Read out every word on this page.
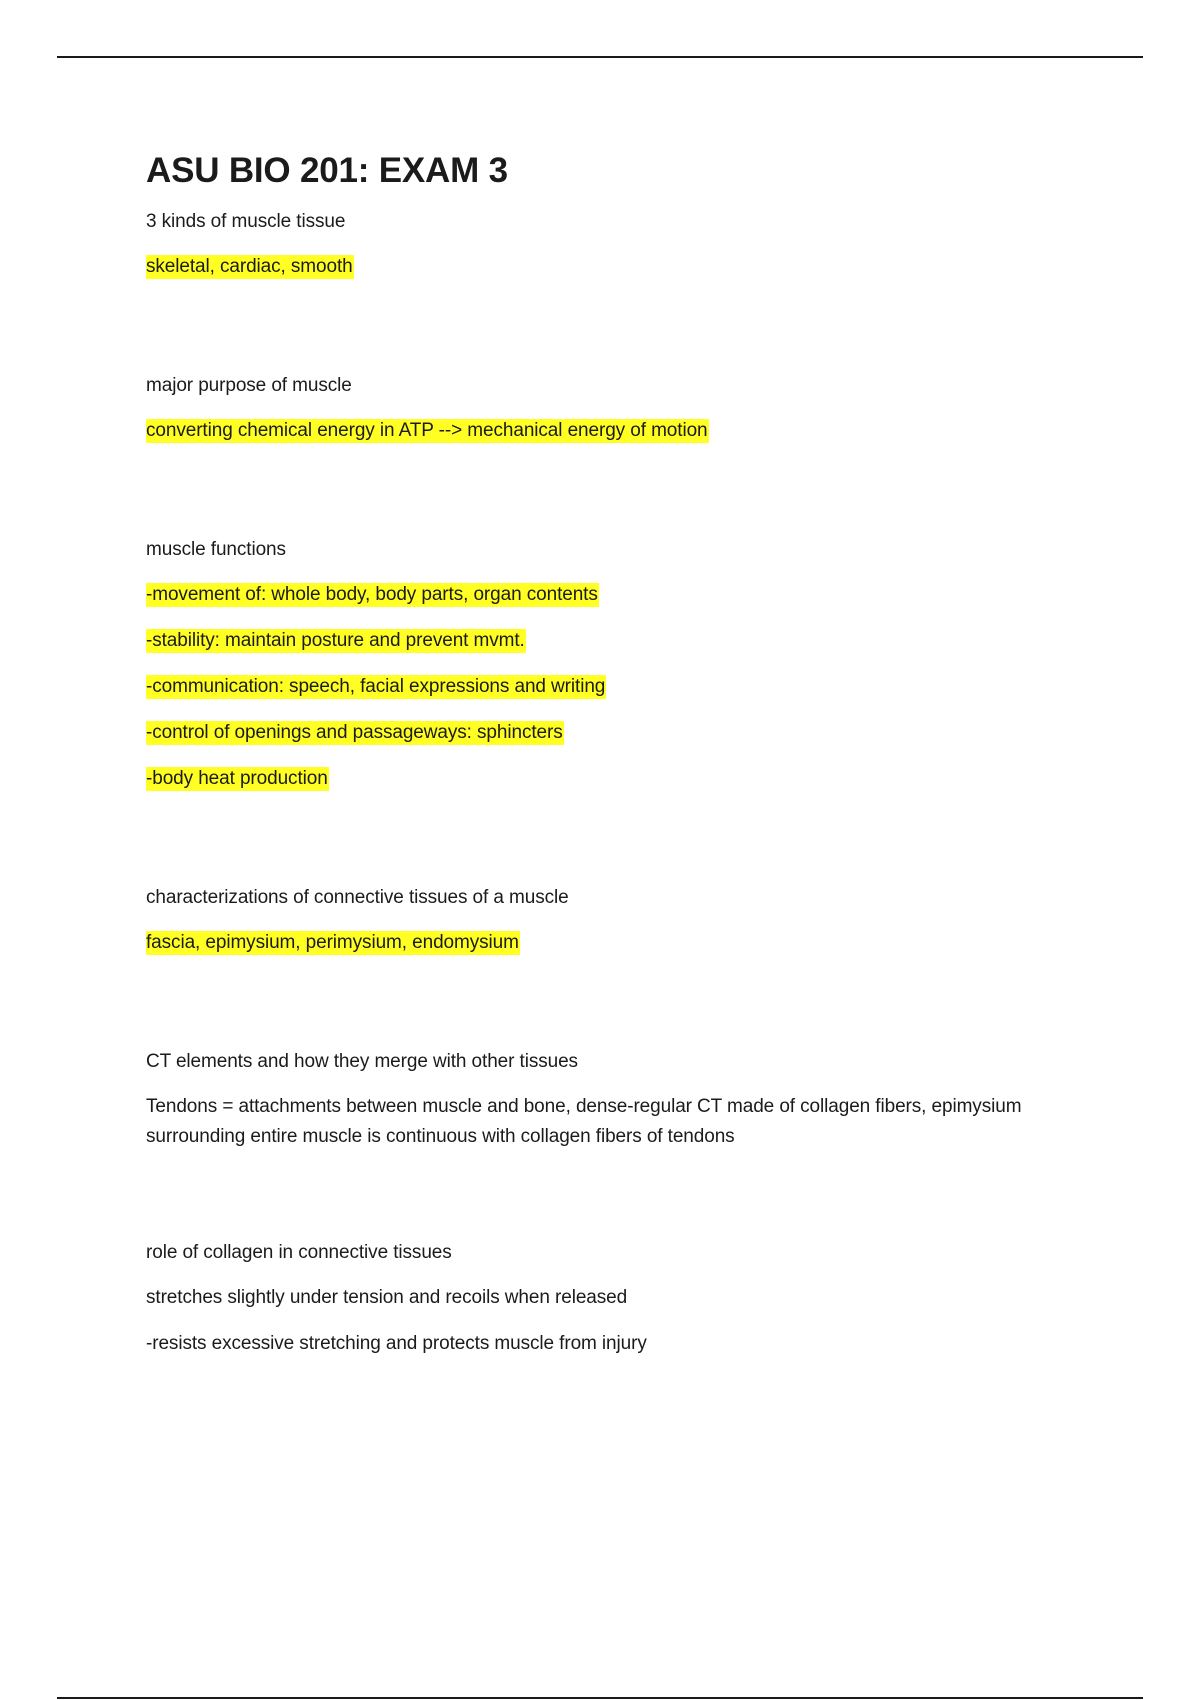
ASU BIO 201: EXAM 3
3 kinds of muscle tissue
skeletal, cardiac, smooth
major purpose of muscle
converting chemical energy in ATP --> mechanical energy of motion
muscle functions
-movement of: whole body, body parts, organ contents
-stability: maintain posture and prevent mvmt.
-communication: speech, facial expressions and writing
-control of openings and passageways: sphincters
-body heat production
characterizations of connective tissues of a muscle
fascia, epimysium, perimysium, endomysium
CT elements and how they merge with other tissues
Tendons = attachments between muscle and bone, dense-regular CT made of collagen fibers, epimysium surrounding entire muscle is continuous with collagen fibers of tendons
role of collagen in connective tissues
stretches slightly under tension and recoils when released
-resists excessive stretching and protects muscle from injury
